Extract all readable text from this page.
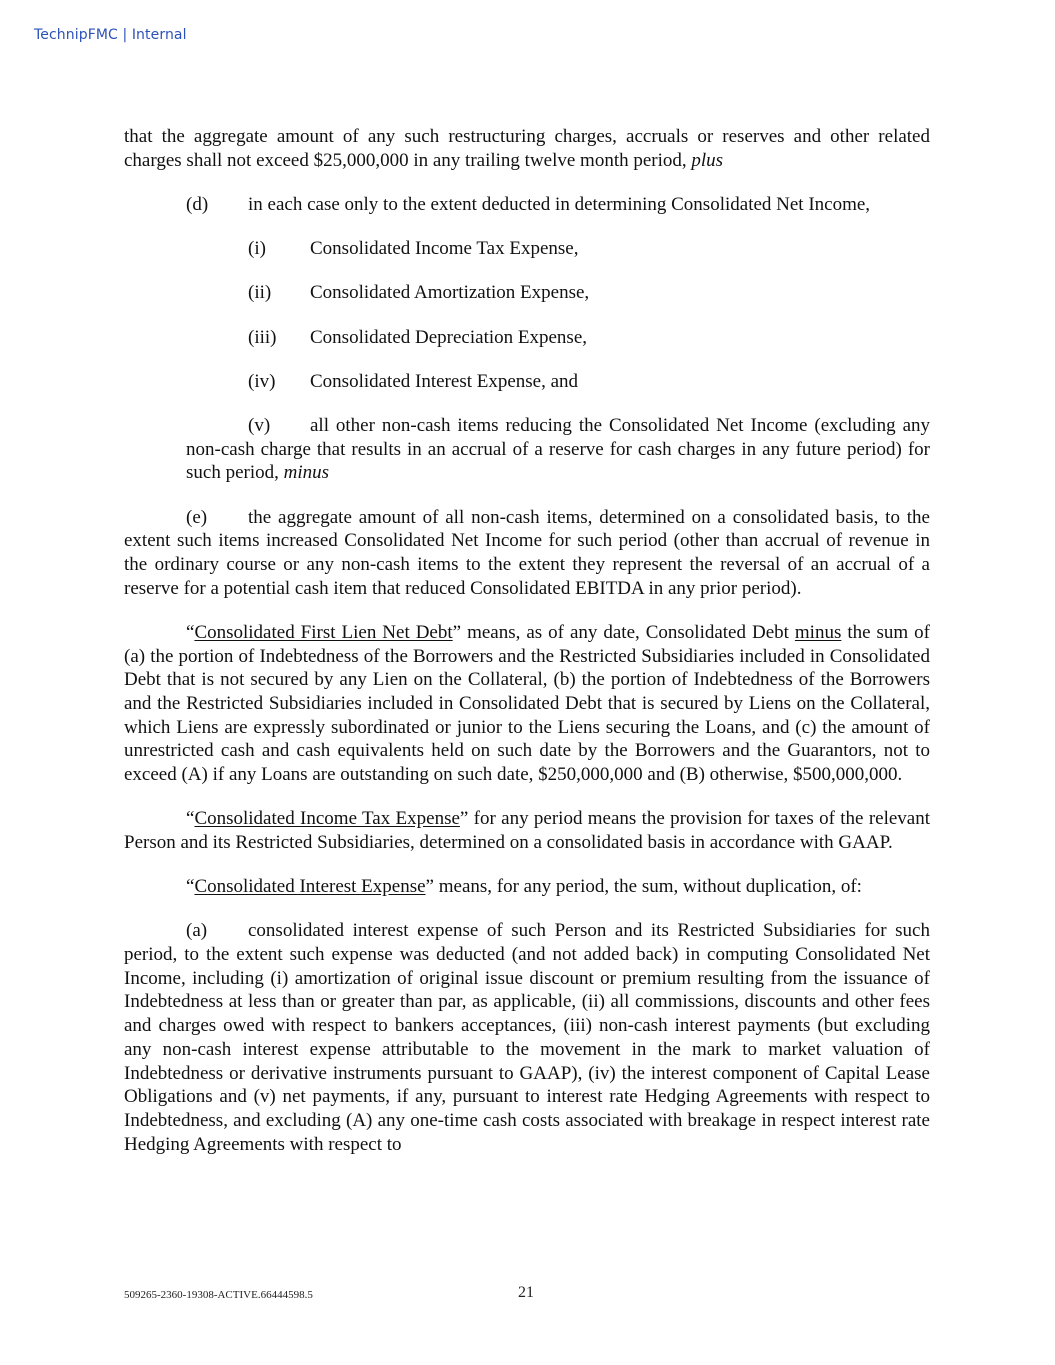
TechnipFMC | Internal

that the aggregate amount of any such restructuring charges, accruals or reserves and other related charges shall not exceed $25,000,000 in any trailing twelve month period, plus

(d) in each case only to the extent deducted in determining Consolidated Net Income,

(i) Consolidated Income Tax Expense,

(ii) Consolidated Amortization Expense,

(iii) Consolidated Depreciation Expense,

(iv) Consolidated Interest Expense, and

(v) all other non-cash items reducing the Consolidated Net Income (excluding any non-cash charge that results in an accrual of a reserve for cash charges in any future period) for such period, minus

(e) the aggregate amount of all non-cash items, determined on a consolidated basis, to the extent such items increased Consolidated Net Income for such period (other than accrual of revenue in the ordinary course or any non-cash items to the extent they represent the reversal of an accrual of a reserve for a potential cash item that reduced Consolidated EBITDA in any prior period).

“Consolidated First Lien Net Debt” means, as of any date, Consolidated Debt minus the sum of (a) the portion of Indebtedness of the Borrowers and the Restricted Subsidiaries included in Consolidated Debt that is not secured by any Lien on the Collateral, (b) the portion of Indebtedness of the Borrowers and the Restricted Subsidiaries included in Consolidated Debt that is secured by Liens on the Collateral, which Liens are expressly subordinated or junior to the Liens securing the Loans, and (c) the amount of unrestricted cash and cash equivalents held on such date by the Borrowers and the Guarantors, not to exceed (A) if any Loans are outstanding on such date, $250,000,000 and (B) otherwise, $500,000,000.

“Consolidated Income Tax Expense” for any period means the provision for taxes of the relevant Person and its Restricted Subsidiaries, determined on a consolidated basis in accordance with GAAP.

“Consolidated Interest Expense” means, for any period, the sum, without duplication, of:

(a) consolidated interest expense of such Person and its Restricted Subsidiaries for such period, to the extent such expense was deducted (and not added back) in computing Consolidated Net Income, including (i) amortization of original issue discount or premium resulting from the issuance of Indebtedness at less than or greater than par, as applicable, (ii) all commissions, discounts and other fees and charges owed with respect to bankers acceptances, (iii) non-cash interest payments (but excluding any non-cash interest expense attributable to the movement in the mark to market valuation of Indebtedness or derivative instruments pursuant to GAAP), (iv) the interest component of Capital Lease Obligations and (v) net payments, if any, pursuant to interest rate Hedging Agreements with respect to Indebtedness, and excluding (A) any one-time cash costs associated with breakage in respect interest rate Hedging Agreements with respect to

509265-2360-19308-ACTIVE.66444598.5	21
